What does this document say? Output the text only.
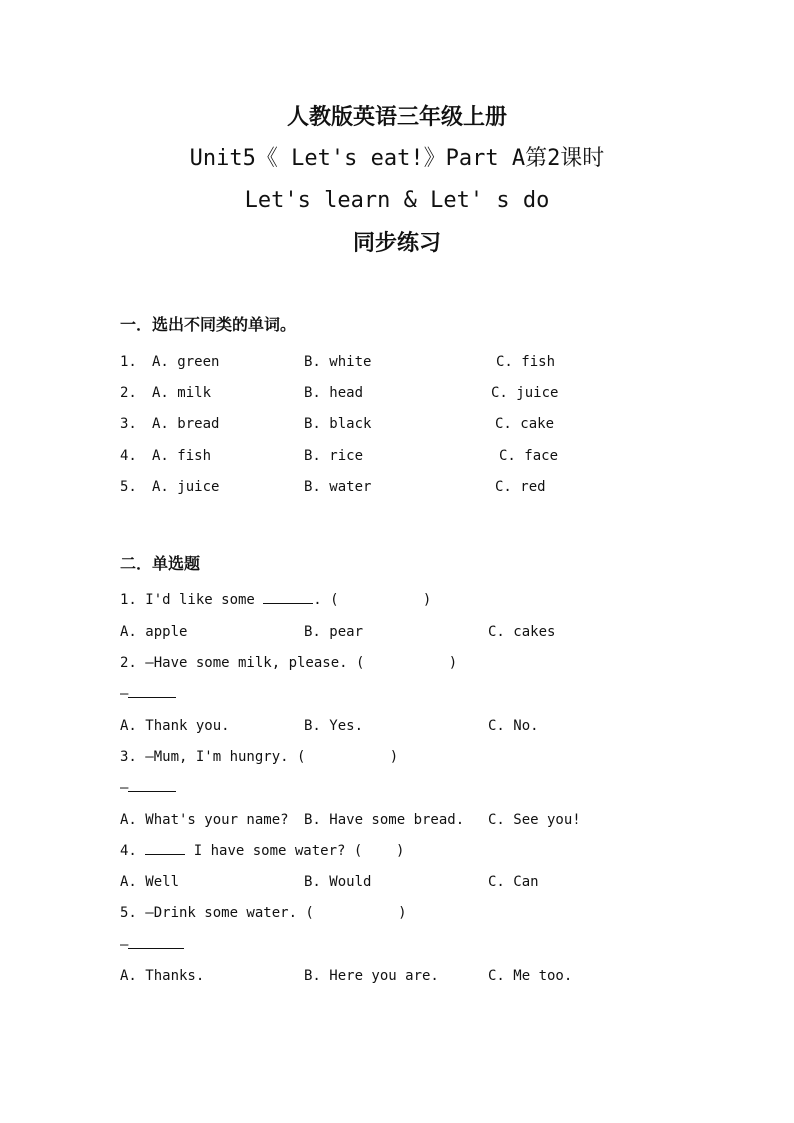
人教版英语三年级上册
Unit5《 Let's eat!》Part A第2课时
Let's learn & Let' s do
同步练习
一．选出不同类的单词。
1. A. green	B. white	C. fish
2. A. milk	B. head	C. juice
3. A. bread	B. black	C. cake
4. A. fish	B. rice	C. face
5. A. juice	B. water	C. red
二．单选题
1. I'd like some	. (          )
A. apple	B. pear	C. cakes
2. —Have some milk, please. (          )
—
A. Thank you.	B. Yes.	C. No.
3. —Mum, I'm hungry. (          )
—
A. What's your name? B. Have some bread. C. See you!
4.	I have some water? (    )
A. Well	B. Would	C. Can
5. —Drink some water. (          )
—
A. Thanks.	B. Here you are.	C. Me too.
